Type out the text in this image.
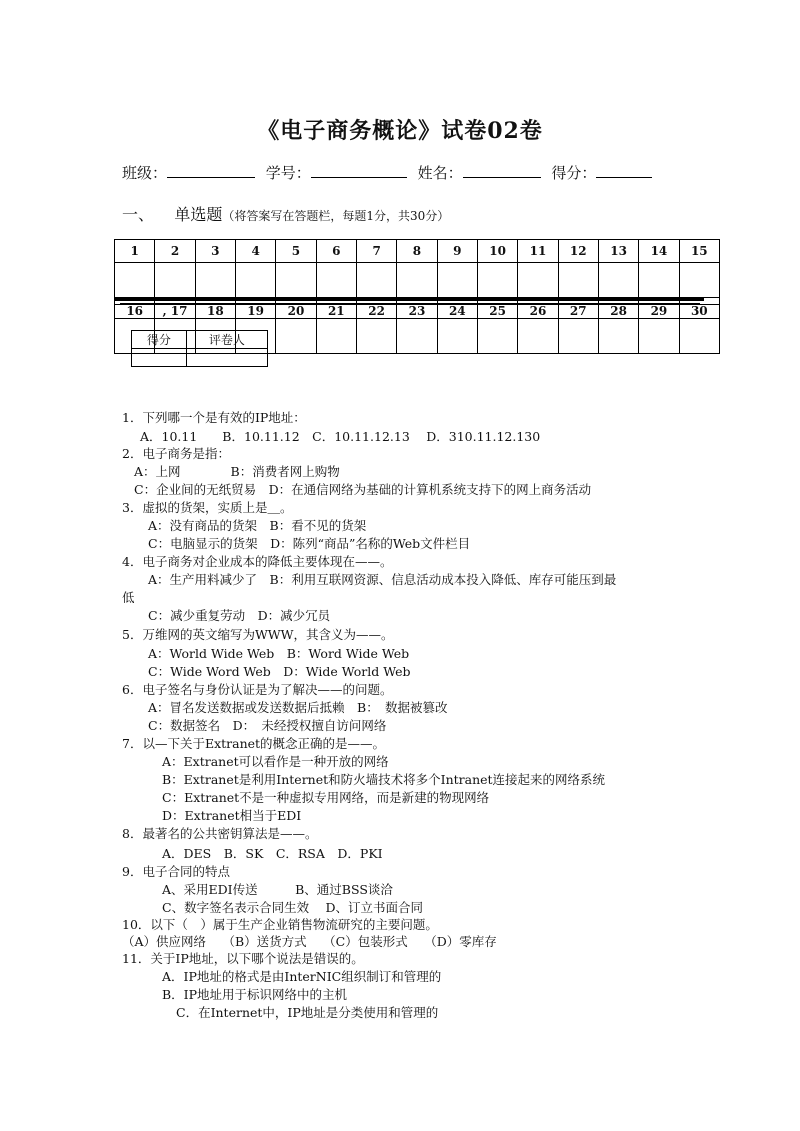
《电子商务概论》试卷02卷
班级：	学号：	姓名：	得分：
一、 单选题（将答案写在答题栏，每题1分，共30分）
1	2	3	4	5	6	7	8	9	10	11	12	13	14	15

16	, 17	18	19	20	21	22	23	24	25	26	27	28	29	30

得分	评卷人

1．下列哪一个是有效的IP地址：
A．10.11　　B．10.11.12　C．10.11.12.13　 D．310.11.12.130
2．电子商务是指：
A：上网　　　　B：消费者网上购物
C：企业间的无纸贸易　D：在通信网络为基础的计算机系统支持下的网上商务活动
3．虚拟的货架，实质上是＿。
A：没有商品的货架　B：看不见的货架
C：电脑显示的货架　D：陈列“商品”名称的Web文件栏目
4．电子商务对企业成本的降低主要体现在——。
A：生产用料减少了　B：利用互联网资源、信息活动成本投入降低、库存可能压到最
低
C：减少重复劳动　D：减少冗员
5．万维网的英文缩写为WWW，其含义为——。
A：World Wide Web　B：Word Wide Web
C：Wide Word Web　D：Wide World Web
6．电子签名与身份认证是为了解决——的问题。
A：冒名发送数据或发送数据后抵赖　B：　数据被篡改
C：数据签名　D：　未经授权擅自访问网络
7．以—下关于Extranet的概念正确的是——。
A：Extranet可以看作是一种开放的网络
B：Extranet是利用Internet和防火墙技术将多个Intranet连接起来的网络系统
C：Extranet不是一种虚拟专用网络，而是新建的物现网络
D：Extranet相当于EDI
8．最著名的公共密钥算法是——。
A．DES　B．SK　C．RSA　D．PKI
9．电子合同的特点
A、采用EDI传送　　　B、通过BSS谈洽
C、数字签名表示合同生效　 D、订立书面合同
10．以下（　）属于生产企业销售物流研究的主要问题。
（A）供应网络　 （B）送货方式　 （C）包装形式　 （D）零库存
11．关于IP地址，以下哪个说法是错误的。
A．IP地址的格式是由InterNIC组织制订和管理的
B．IP地址用于标识网络中的主机
C．在Internet中，IP地址是分类使用和管理的
